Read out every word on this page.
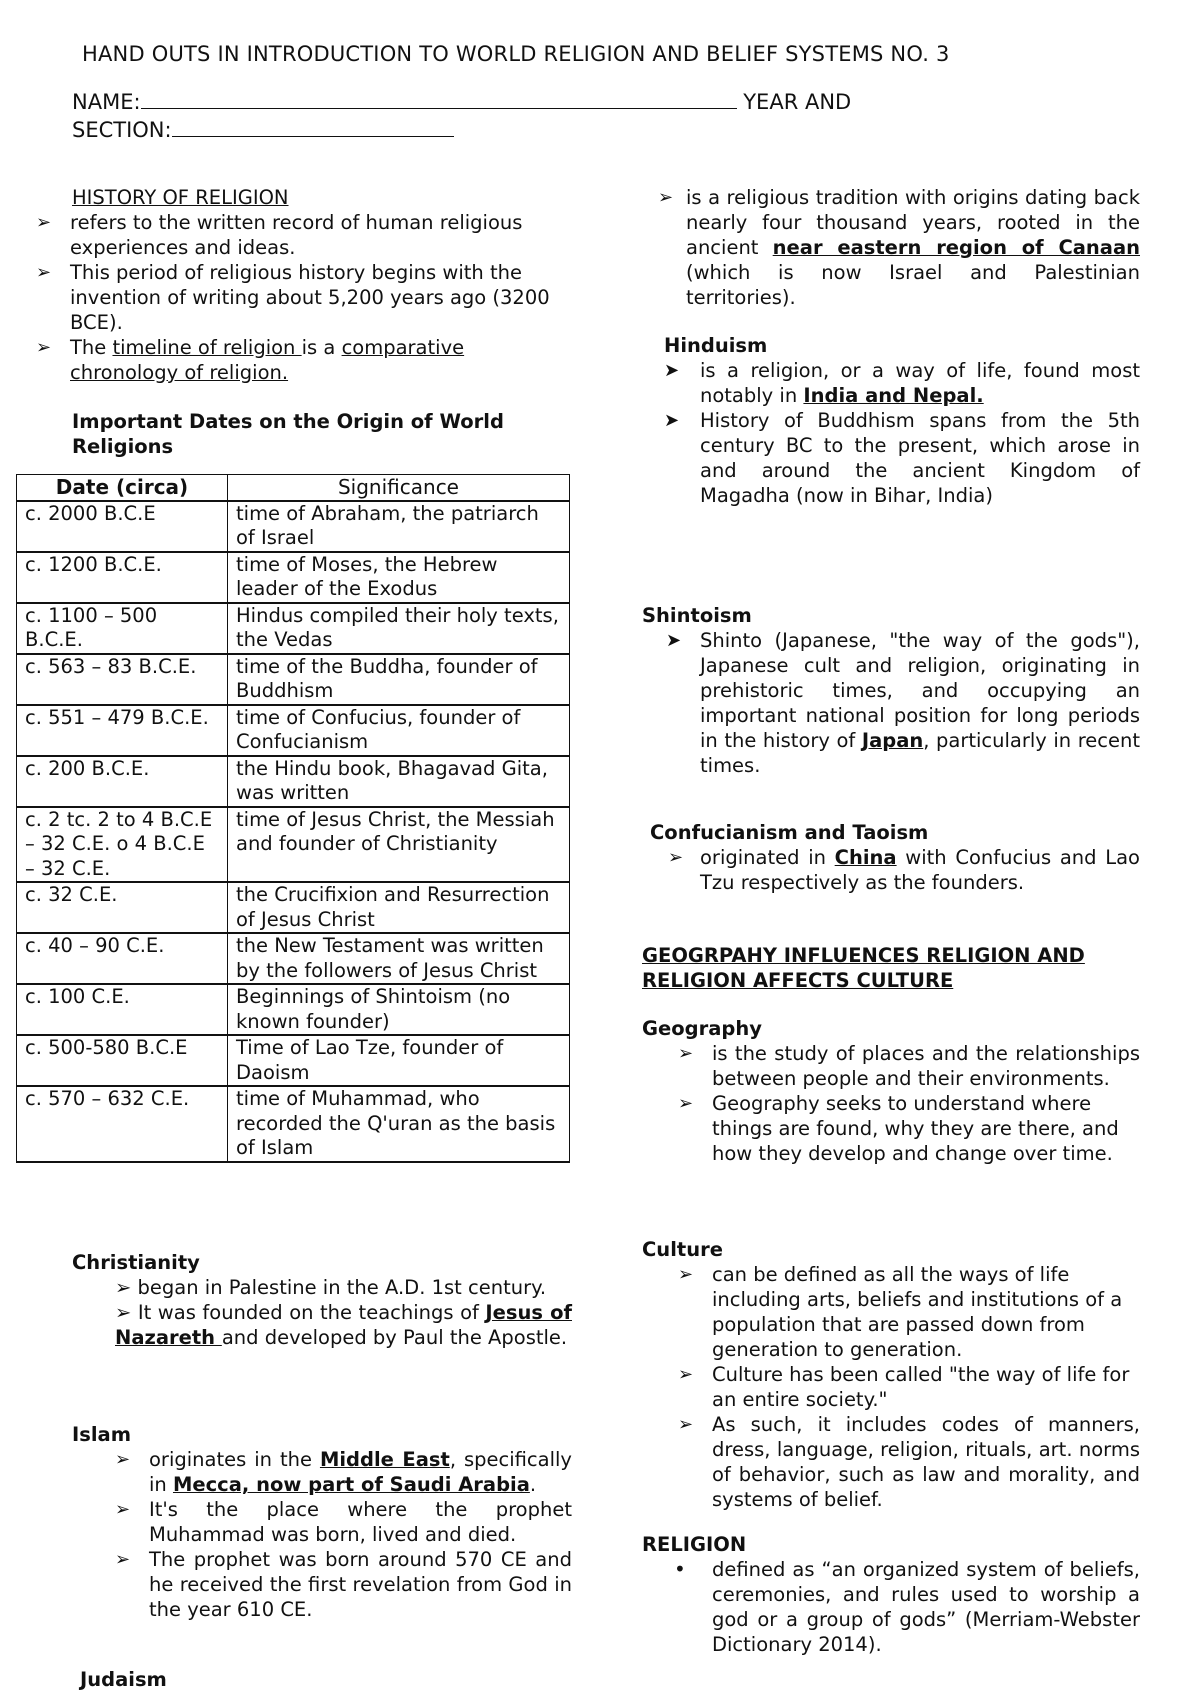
HAND OUTS IN INTRODUCTION TO WORLD RELIGION AND BELIEF SYSTEMS NO. 3
NAME:	YEAR AND
SECTION:
HISTORY OF RELIGION
➢ refers to the written record of human religious experiences and ideas.
➢ This period of religious history begins with the invention of writing about 5,200 years ago (3200 BCE).
➢ The timeline of religion is a comparative chronology of religion.
Important Dates on the Origin of World Religions
Date (circa)	Significance
c. 2000 B.C.E	time of Abraham, the patriarch of Israel
c. 1200 B.C.E.	time of Moses, the Hebrew leader of the Exodus
c. 1100 – 500 B.C.E.	Hindus compiled their holy texts, the Vedas
c. 563 – 83 B.C.E.	time of the Buddha, founder of Buddhism
c. 551 – 479 B.C.E.	time of Confucius, founder of Confucianism
c. 200 B.C.E.	the Hindu book, Bhagavad Gita, was written
c. 2 tc. 2 to 4 B.C.E – 32 C.E. o 4 B.C.E – 32 C.E.	time of Jesus Christ, the Messiah and founder of Christianity
c. 32 C.E.	the Crucifixion and Resurrection of Jesus Christ
c. 40 – 90 C.E.	the New Testament was written by the followers of Jesus Christ
c. 100 C.E.	Beginnings of Shintoism (no known founder)
c. 500-580 B.C.E	Time of Lao Tze, founder of Daoism
c. 570 – 632 C.E.	time of Muhammad, who recorded the Q'uran as the basis of Islam
Christianity
➢ began in Palestine in the A.D. 1st century.
➢ It was founded on the teachings of Jesus of Nazareth and developed by Paul the Apostle.
Islam
➢ originates in the Middle East, specifically in Mecca, now part of Saudi Arabia.
➢ It's the place where the prophet Muhammad was born, lived and died.
➢ The prophet was born around 570 CE and he received the first revelation from God in the year 610 CE.
Judaism
➢ is a religious tradition with origins dating back nearly four thousand years, rooted in the ancient near eastern region of Canaan (which is now Israel and Palestinian territories).
Hinduism
➤	is a religion, or a way of life, found most notably in India and Nepal.
➤	History of Buddhism spans from the 5th century BC to the present, which arose in and around the ancient Kingdom of Magadha (now in Bihar, India)
Shintoism
➤ Shinto (Japanese, "the way of the gods"), Japanese cult and religion, originating in prehistoric times, and occupying an important national position for long periods in the history of Japan, particularly in recent times.
Confucianism and Taoism
➢ originated in China with Confucius and Lao Tzu respectively as the founders.
GEOGRPAHY INFLUENCES RELIGION AND RELIGION AFFECTS CULTURE
Geography
➢ is the study of places and the relationships between people and their environments.
➢ Geography seeks to understand where things are found, why they are there, and how they develop and change over time.
Culture
➢ can be defined as all the ways of life including arts, beliefs and institutions of a population that are passed down from generation to generation.
➢ Culture has been called "the way of life for an entire society."
➢ As such, it includes codes of manners, dress, language, religion, rituals, art. norms of behavior, such as law and morality, and systems of belief.
RELIGION
•	defined as “an organized system of beliefs, ceremonies, and rules used to worship a god or a group of gods” (Merriam-Webster Dictionary 2014).
